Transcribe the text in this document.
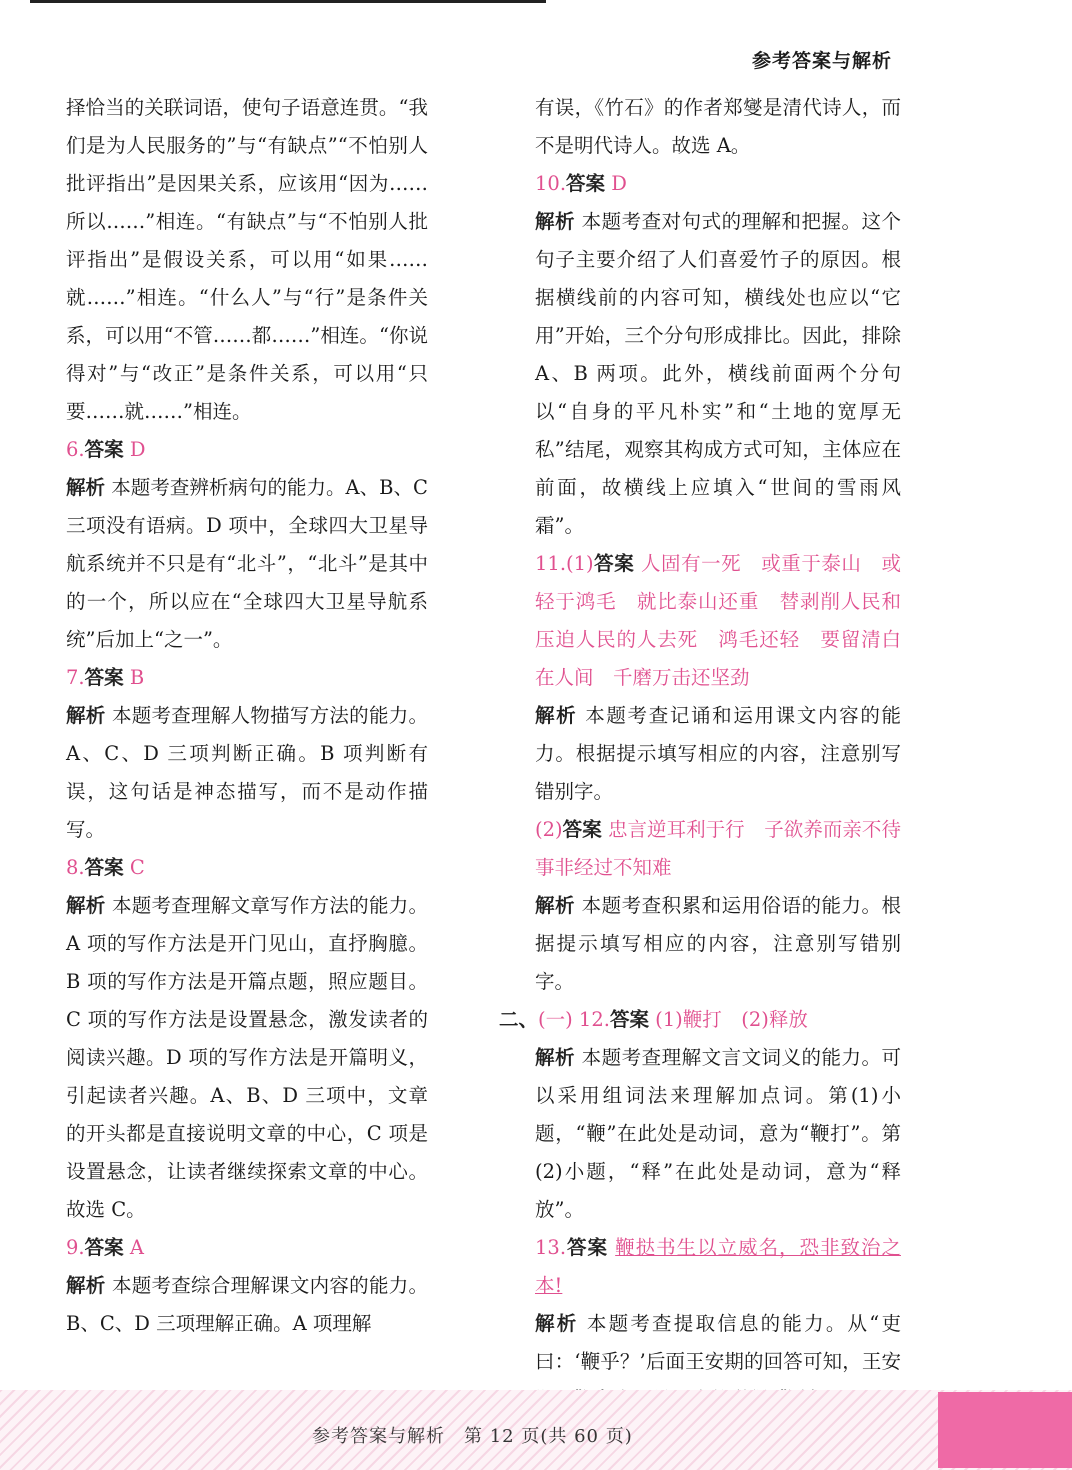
参考答案与解析

择恰当的关联词语，使句子语意连贯。“我们是为人民服务的”与“有缺点”“不怕别人批评指出”是因果关系，应该用“因为……所以……”相连。“有缺点”与“不怕别人批评指出”是假设关系，可以用“如果……就……”相连。“什么人”与“行”是条件关系，可以用“不管……都……”相连。“你说得对”与“改正”是条件关系，可以用“只要……就……”相连。

6.答案 D

解析 本题考查辨析病句的能力。A、B、C 三项没有语病。D 项中，全球四大卫星导航系统并不只是有“北斗”，“北斗”是其中的一个，所以应在“全球四大卫星导航系统”后加上“之一”。

7.答案 B

解析 本题考查理解人物描写方法的能力。A、C、D 三项判断正确。B 项判断有误，这句话是神态描写，而不是动作描写。

8.答案 C

解析 本题考查理解文章写作方法的能力。A 项的写作方法是开门见山，直抒胸臆。B 项的写作方法是开篇点题，照应题目。C 项的写作方法是设置悬念，激发读者的阅读兴趣。D 项的写作方法是开篇明义，引起读者兴趣。A、B、D 三项中，文章的开头都是直接说明文章的中心，C 项是设置悬念，让读者继续探索文章的中心。故选 C。

9.答案 A

解析 本题考查综合理解课文内容的能力。B、C、D 三项理解正确。A 项理解

有误，《竹石》的作者郑燮是清代诗人，而不是明代诗人。故选 A。

10.答案 D

解析 本题考查对句式的理解和把握。这个句子主要介绍了人们喜爱竹子的原因。根据横线前的内容可知，横线处也应以“它用”开始，三个分句形成排比。因此，排除 A、B 两项。此外，横线前面两个分句以“自身的平凡朴实”和“土地的宽厚无私”结尾，观察其构成方式可知，主体应在前面，故横线上应填入“世间的雪雨风霜”。

11.(1)答案 人固有一死　或重于泰山　或轻于鸿毛　就比泰山还重　替剥削人民和压迫人民的人去死　鸿毛还轻　要留清白在人间　千磨万击还坚劲

解析 本题考查记诵和运用课文内容的能力。根据提示填写相应的内容，注意别写错别字。

(2)答案 忠言逆耳利于行　子欲养而亲不待　事非经过不知难

解析 本题考查积累和运用俗语的能力。根据提示填写相应的内容，注意别写错别字。

二、(一) 12.答案 (1)鞭打　(2)释放

解析 本题考查理解文言文词义的能力。可以采用组词法来理解加点词。第(1)小题，“鞭”在此处是动词，意为“鞭打”。第(2)小题，“释”在此处是动词，意为“释放”。

13.答案 鞭挞书生以立威名，恐非致治之本!

解析 本题考查提取信息的能力。从“吏曰：‘鞭乎？’后面王安期的回答可知，王安

参考答案与解析　第 12 页(共 60 页)
